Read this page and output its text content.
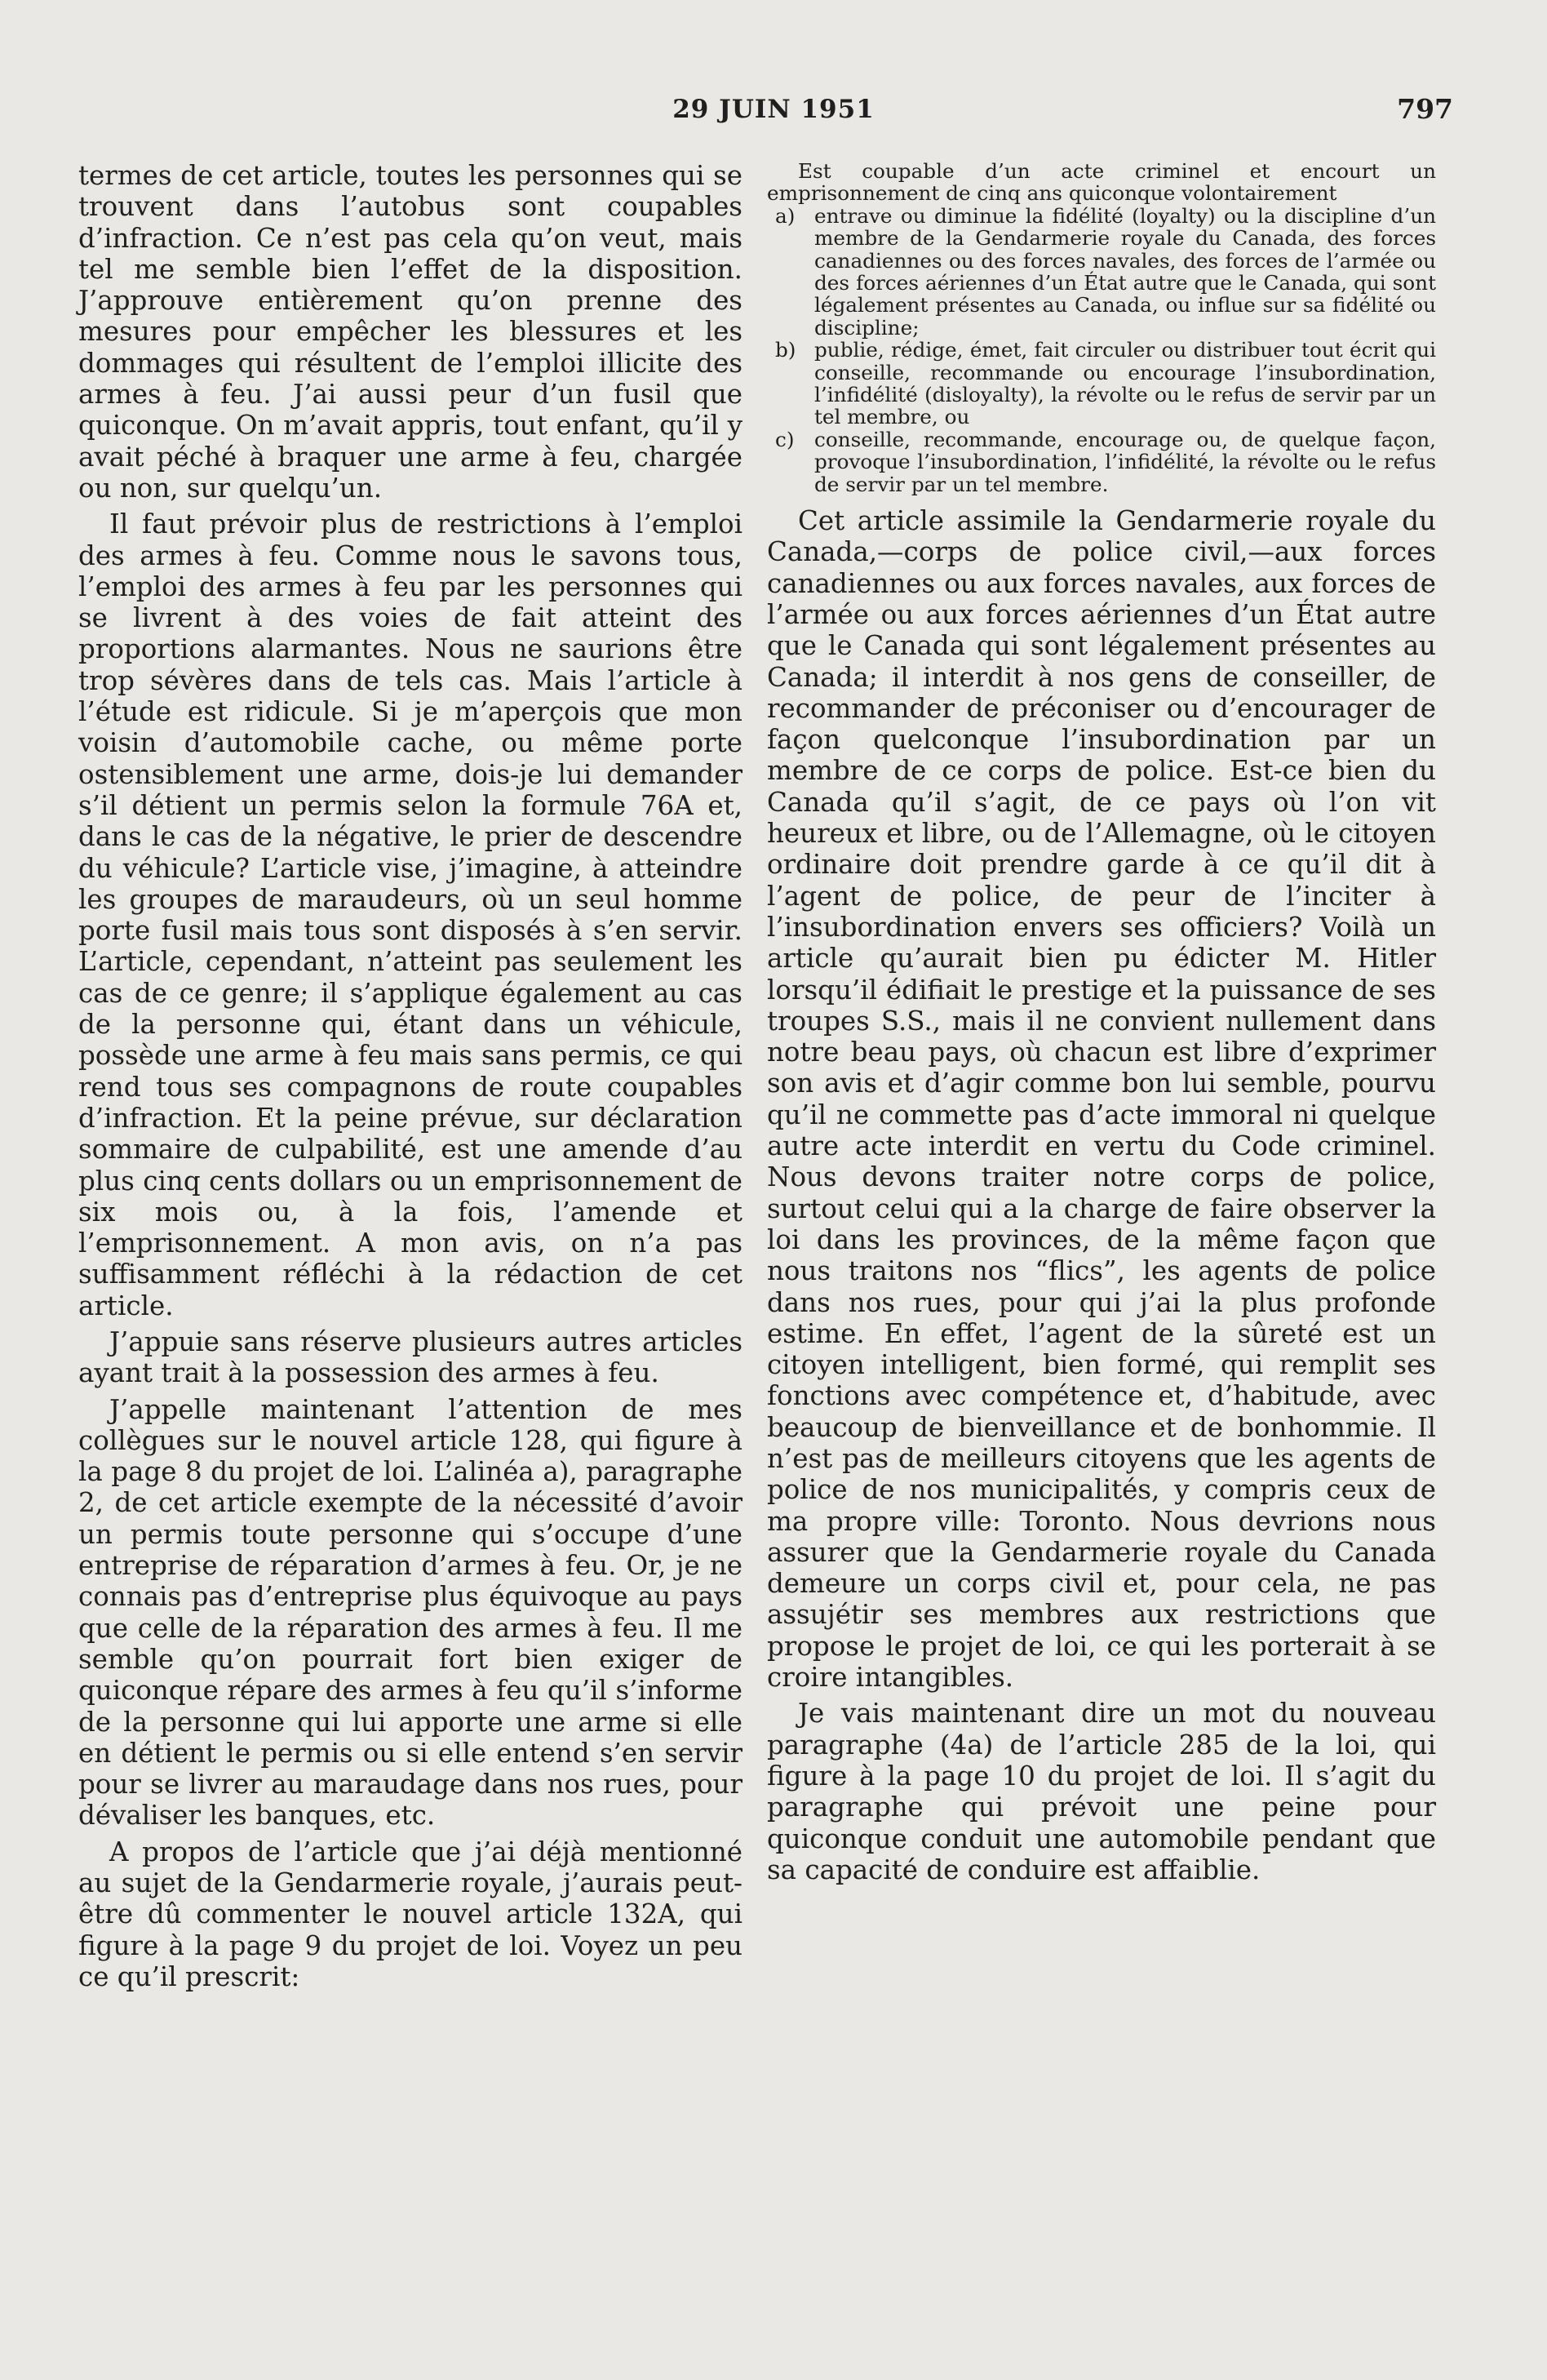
29 JUIN 1951	797

termes de cet article, toutes les personnes qui se trouvent dans l’autobus sont coupables d’infraction. Ce n’est pas cela qu’on veut, mais tel me semble bien l’effet de la disposition. J’approuve entièrement qu’on prenne des mesures pour empêcher les blessures et les dommages qui résultent de l’emploi illicite des armes à feu. J’ai aussi peur d’un fusil que quiconque. On m’avait appris, tout enfant, qu’il y avait péché à braquer une arme à feu, chargée ou non, sur quelqu’un.

Il faut prévoir plus de restrictions à l’emploi des armes à feu. Comme nous le savons tous, l’emploi des armes à feu par les personnes qui se livrent à des voies de fait atteint des proportions alarmantes. Nous ne saurions être trop sévères dans de tels cas. Mais l’article à l’étude est ridicule. Si je m’aperçois que mon voisin d’automobile cache, ou même porte ostensiblement une arme, dois-je lui demander s’il détient un permis selon la formule 76A et, dans le cas de la négative, le prier de descendre du véhicule? L’article vise, j’imagine, à atteindre les groupes de maraudeurs, où un seul homme porte fusil mais tous sont disposés à s’en servir. L’article, cependant, n’atteint pas seulement les cas de ce genre; il s’applique également au cas de la personne qui, étant dans un véhicule, possède une arme à feu mais sans permis, ce qui rend tous ses compagnons de route coupables d’infraction. Et la peine prévue, sur déclaration sommaire de culpabilité, est une amende d’au plus cinq cents dollars ou un emprisonnement de six mois ou, à la fois, l’amende et l’emprisonnement. A mon avis, on n’a pas suffisamment réfléchi à la rédaction de cet article.

J’appuie sans réserve plusieurs autres articles ayant trait à la possession des armes à feu.

J’appelle maintenant l’attention de mes collègues sur le nouvel article 128, qui figure à la page 8 du projet de loi. L’alinéa a), paragraphe 2, de cet article exempte de la nécessité d’avoir un permis toute personne qui s’occupe d’une entreprise de réparation d’armes à feu. Or, je ne connais pas d’entreprise plus équivoque au pays que celle de la réparation des armes à feu. Il me semble qu’on pourrait fort bien exiger de quiconque répare des armes à feu qu’il s’informe de la personne qui lui apporte une arme si elle en détient le permis ou si elle entend s’en servir pour se livrer au maraudage dans nos rues, pour dévaliser les banques, etc.

A propos de l’article que j’ai déjà mentionné au sujet de la Gendarmerie royale, j’aurais peut-être dû commenter le nouvel article 132A, qui figure à la page 9 du projet de loi. Voyez un peu ce qu’il prescrit:

Est coupable d’un acte criminel et encourt un emprisonnement de cinq ans quiconque volontairement

a) entrave ou diminue la fidélité (loyalty) ou la discipline d’un membre de la Gendarmerie royale du Canada, des forces canadiennes ou des forces navales, des forces de l’armée ou des forces aériennes d’un État autre que le Canada, qui sont légalement présentes au Canada, ou influe sur sa fidélité ou discipline;
b) publie, rédige, émet, fait circuler ou distribuer tout écrit qui conseille, recommande ou encourage l’insubordination, l’infidélité (disloyalty), la révolte ou le refus de servir par un tel membre, ou
c) conseille, recommande, encourage ou, de quelque façon, provoque l’insubordination, l’infidélité, la révolte ou le refus de servir par un tel membre.

Cet article assimile la Gendarmerie royale du Canada,—corps de police civil,—aux forces canadiennes ou aux forces navales, aux forces de l’armée ou aux forces aériennes d’un État autre que le Canada qui sont légalement présentes au Canada; il interdit à nos gens de conseiller, de recommander de préconiser ou d’encourager de façon quelconque l’insubordination par un membre de ce corps de police. Est-ce bien du Canada qu’il s’agit, de ce pays où l’on vit heureux et libre, ou de l’Allemagne, où le citoyen ordinaire doit prendre garde à ce qu’il dit à l’agent de police, de peur de l’inciter à l’insubordination envers ses officiers? Voilà un article qu’aurait bien pu édicter M. Hitler lorsqu’il édifiait le prestige et la puissance de ses troupes S.S., mais il ne convient nullement dans notre beau pays, où chacun est libre d’exprimer son avis et d’agir comme bon lui semble, pourvu qu’il ne commette pas d’acte immoral ni quelque autre acte interdit en vertu du Code criminel. Nous devons traiter notre corps de police, surtout celui qui a la charge de faire observer la loi dans les provinces, de la même façon que nous traitons nos “flics”, les agents de police dans nos rues, pour qui j’ai la plus profonde estime. En effet, l’agent de la sûreté est un citoyen intelligent, bien formé, qui remplit ses fonctions avec compétence et, d’habitude, avec beaucoup de bienveillance et de bonhommie. Il n’est pas de meilleurs citoyens que les agents de police de nos municipalités, y compris ceux de ma propre ville: Toronto. Nous devrions nous assurer que la Gendarmerie royale du Canada demeure un corps civil et, pour cela, ne pas assujétir ses membres aux restrictions que propose le projet de loi, ce qui les porterait à se croire intangibles.

Je vais maintenant dire un mot du nouveau paragraphe (4a) de l’article 285 de la loi, qui figure à la page 10 du projet de loi. Il s’agit du paragraphe qui prévoit une peine pour quiconque conduit une automobile pendant que sa capacité de conduire est affaiblie.
